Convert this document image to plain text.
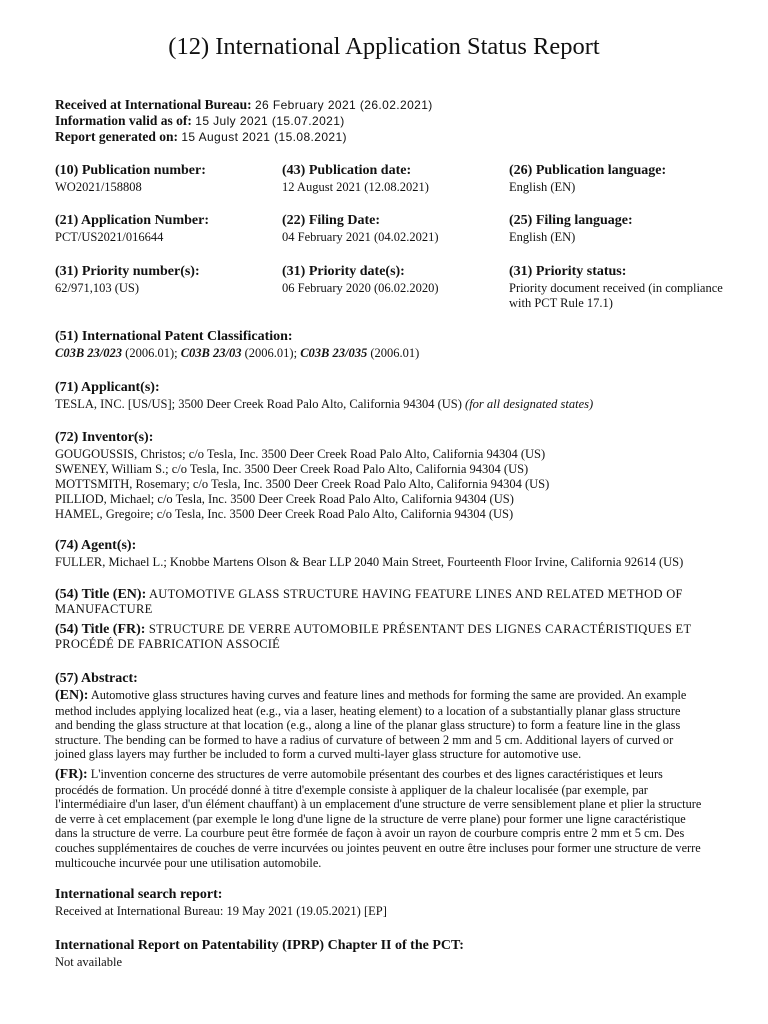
(12) International Application Status Report
Received at International Bureau: 26 February 2021 (26.02.2021)
Information valid as of: 15 July 2021 (15.07.2021)
Report generated on: 15 August 2021 (15.08.2021)
(10) Publication number:
WO2021/158808
(43) Publication date:
12 August 2021 (12.08.2021)
(26) Publication language:
English (EN)
(21) Application Number:
PCT/US2021/016644
(22) Filing Date:
04 February 2021 (04.02.2021)
(25) Filing language:
English (EN)
(31) Priority number(s):
62/971,103 (US)
(31) Priority date(s):
06 February 2020 (06.02.2020)
(31) Priority status:
Priority document received (in compliance
with PCT Rule 17.1)
(51) International Patent Classification:
C03B 23/023 (2006.01); C03B 23/03 (2006.01); C03B 23/035 (2006.01)
(71) Applicant(s):
TESLA, INC. [US/US]; 3500 Deer Creek Road Palo Alto, California 94304 (US) (for all designated states)
(72) Inventor(s):
GOUGOUSSIS, Christos; c/o Tesla, Inc. 3500 Deer Creek Road Palo Alto, California 94304 (US)
SWENEY, William S.; c/o Tesla, Inc. 3500 Deer Creek Road Palo Alto, California 94304 (US)
MOTTSMITH, Rosemary; c/o Tesla, Inc. 3500 Deer Creek Road Palo Alto, California 94304 (US)
PILLIOD, Michael; c/o Tesla, Inc. 3500 Deer Creek Road Palo Alto, California 94304 (US)
HAMEL, Gregoire; c/o Tesla, Inc. 3500 Deer Creek Road Palo Alto, California 94304 (US)
(74) Agent(s):
FULLER, Michael L.; Knobbe Martens Olson & Bear LLP 2040 Main Street, Fourteenth Floor Irvine, California 92614 (US)
(54) Title (EN): AUTOMOTIVE GLASS STRUCTURE HAVING FEATURE LINES AND RELATED METHOD OF
MANUFACTURE
(54) Title (FR): STRUCTURE DE VERRE AUTOMOBILE PRÉSENTANT DES LIGNES CARACTÉRISTIQUES ET
PROCÉDÉ DE FABRICATION ASSOCIÉ
(57) Abstract:
(EN): Automotive glass structures having curves and feature lines and methods for forming the same are provided. An example
method includes applying localized heat (e.g., via a laser, heating element) to a location of a substantially planar glass structure
and bending the glass structure at that location (e.g., along a line of the planar glass structure) to form a feature line in the glass
structure. The bending can be formed to have a radius of curvature of between 2 mm and 5 cm. Additional layers of curved or
joined glass layers may further be included to form a curved multi-layer glass structure for automotive use.
(FR): L'invention concerne des structures de verre automobile présentant des courbes et des lignes caractéristiques et leurs
procédés de formation. Un procédé donné à titre d'exemple consiste à appliquer de la chaleur localisée (par exemple, par
l'intermédiaire d'un laser, d'un élément chauffant) à un emplacement d'une structure de verre sensiblement plane et plier la structure
de verre à cet emplacement (par exemple le long d'une ligne de la structure de verre plane) pour former une ligne caractéristique
dans la structure de verre. La courbure peut être formée de façon à avoir un rayon de courbure compris entre 2 mm et 5 cm. Des
couches supplémentaires de couches de verre incurvées ou jointes peuvent en outre être incluses pour former une structure de verre
multicouche incurvée pour une utilisation automobile.
International search report:
Received at International Bureau: 19 May 2021 (19.05.2021) [EP]
International Report on Patentability (IPRP) Chapter II of the PCT:
Not available
